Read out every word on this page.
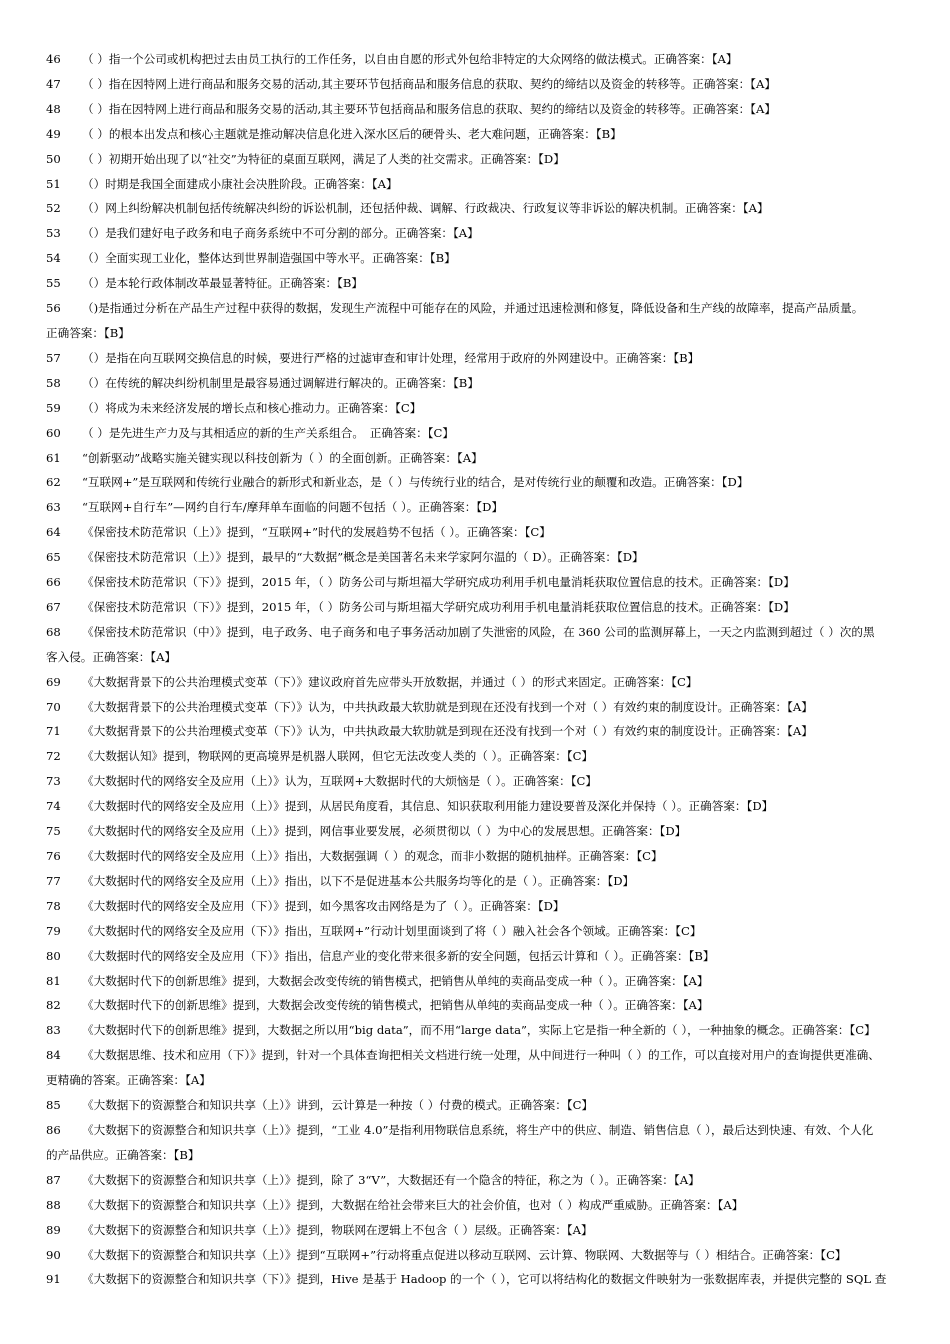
46 （ ）指一个公司或机构把过去由员工执行的工作任务，以自由自愿的形式外包给非特定的大众网络的做法模式。正确答案：【A】
47 （ ）指在因特网上进行商品和服务交易的活动,其主要环节包括商品和服务信息的获取、契约的缔结以及资金的转移等。正确答案：【A】
48 （ ）指在因特网上进行商品和服务交易的活动,其主要环节包括商品和服务信息的获取、契约的缔结以及资金的转移等。正确答案：【A】
49 （ ）的根本出发点和核心主题就是推动解决信息化进入深水区后的硬骨头、老大难问题，正确答案：【B】
50 （ ）初期开始出现了以“社交”为特征的桌面互联网，满足了人类的社交需求。正确答案：【D】
51 （）时期是我国全面建成小康社会决胜阶段。正确答案：【A】
52 （）网上纠纷解决机制包括传统解决纠纷的诉讼机制，还包括仲裁、调解、行政裁决、行政复议等非诉讼的解决机制。正确答案：【A】
53 （）是我们建好电子政务和电子商务系统中不可分割的部分。正确答案：【A】
54 （）全面实现工业化，整体达到世界制造强国中等水平。正确答案：【B】
55 （）是本轮行政体制改革最显著特征。正确答案：【B】
56 （)是指通过分析在产品生产过程中获得的数据，发现生产流程中可能存在的风险，并通过迅速检测和修复，降低设备和生产线的故障率，提高产品质量。
正确答案：【B】
57 （）是指在向互联网交换信息的时候，要进行严格的过滤审查和审计处理，经常用于政府的外网建设中。正确答案：【B】
58 （）在传统的解决纠纷机制里是最容易通过调解进行解决的。正确答案：【B】
59 （）将成为未来经济发展的增长点和核心推动力。正确答案：【C】
60 （ ）是先进生产力及与其相适应的新的生产关系组合。　正确答案：【C】
61 “创新驱动”战略实施关键实现以科技创新为（ ）的全面创新。正确答案：【A】
62 “互联网+”是互联网和传统行业融合的新形式和新业态，是（ ）与传统行业的结合，是对传统行业的颠覆和改造。正确答案：【D】
63 “互联网+自行车”—网约自行车/摩拜单车面临的问题不包括（ ）。正确答案：【D】
64 《保密技术防范常识（上）》提到，“互联网+”时代的发展趋势不包括（ ）。正确答案：【C】
65 《保密技术防范常识（上）》提到，最早的“大数据”概念是美国著名未来学家阿尔温的（ D）。正确答案：【D】
66 《保密技术防范常识（下）》提到，2015 年，（ ）防务公司与斯坦福大学研究成功利用手机电量消耗获取位置信息的技术。正确答案：【D】
67 《保密技术防范常识（下）》提到，2015 年，（ ）防务公司与斯坦福大学研究成功利用手机电量消耗获取位置信息的技术。正确答案：【D】
68 《保密技术防范常识（中）》提到，电子政务、电子商务和电子事务活动加剧了失泄密的风险，在 360 公司的监测屏幕上，一天之内监测到超过（ ）次的黑
客入侵。正确答案：【A】
69 《大数据背景下的公共治理模式变革（下）》建议政府首先应带头开放数据，并通过（ ）的形式来固定。正确答案：【C】
70 《大数据背景下的公共治理模式变革（下）》认为，中共执政最大软肋就是到现在还没有找到一个对（ ）有效约束的制度设计。正确答案：【A】
71 《大数据背景下的公共治理模式变革（下）》认为，中共执政最大软肋就是到现在还没有找到一个对（ ）有效约束的制度设计。正确答案：【A】
72 《大数据认知》提到，物联网的更高境界是机器人联网，但它无法改变人类的（ ）。正确答案：【C】
73 《大数据时代的网络安全及应用（上）》认为，互联网+大数据时代的大烦恼是（ ）。正确答案：【C】
74 《大数据时代的网络安全及应用（上）》提到，从居民角度看，其信息、知识获取利用能力建设要普及深化并保持（ ）。正确答案：【D】
75 《大数据时代的网络安全及应用（上）》提到，网信事业要发展，必须贯彻以（ ）为中心的发展思想。正确答案：【D】
76 《大数据时代的网络安全及应用（上）》指出，大数据强调（ ）的观念，而非小数据的随机抽样。正确答案：【C】
77 《大数据时代的网络安全及应用（上）》指出，以下不是促进基本公共服务均等化的是（ ）。正确答案：【D】
78 《大数据时代的网络安全及应用（下）》提到，如今黑客攻击网络是为了（ ）。正确答案：【D】
79 《大数据时代的网络安全及应用（下）》指出，互联网+”行动计划里面谈到了将（ ）融入社会各个领域。正确答案：【C】
80 《大数据时代的网络安全及应用（下）》指出，信息产业的变化带来很多新的安全问题，包括云计算和（ ）。正确答案：【B】
81 《大数据时代下的创新思维》提到，大数据会改变传统的销售模式，把销售从单纯的卖商品变成一种（ ）。正确答案：【A】
82 《大数据时代下的创新思维》提到，大数据会改变传统的销售模式，把销售从单纯的卖商品变成一种（ ）。正确答案：【A】
83 《大数据时代下的创新思维》提到，大数据之所以用“big data”，而不用“large data”，实际上它是指一种全新的（ ），一种抽象的概念。正确答案：【C】
84 《大数据思维、技术和应用（下）》提到，针对一个具体查询把相关文档进行统一处理，从中间进行一种叫（ ）的工作，可以直接对用户的查询提供更准确、
更精确的答案。正确答案：【A】
85 《大数据下的资源整合和知识共享（上）》讲到，云计算是一种按（ ）付费的模式。正确答案：【C】
86 《大数据下的资源整合和知识共享（上）》提到，“工业 4.0”是指利用物联信息系统，将生产中的供应、制造、销售信息（ ），最后达到快速、有效、个人化
的产品供应。正确答案：【B】
87 《大数据下的资源整合和知识共享（上）》提到，除了 3“V”，大数据还有一个隐含的特征，称之为（ ）。正确答案：【A】
88 《大数据下的资源整合和知识共享（上）》提到，大数据在给社会带来巨大的社会价值，也对（ ）构成严重威胁。正确答案：【A】
89 《大数据下的资源整合和知识共享（上）》提到，物联网在逻辑上不包含（ ）层级。正确答案：【A】
90 《大数据下的资源整合和知识共享（上）》提到“互联网+”行动将重点促进以移动互联网、云计算、物联网、大数据等与（ ）相结合。正确答案：【C】
91 《大数据下的资源整合和知识共享（下）》提到，Hive 是基于 Hadoop 的一个（ ），它可以将结构化的数据文件映射为一张数据库表，并提供完整的 SQL 查
